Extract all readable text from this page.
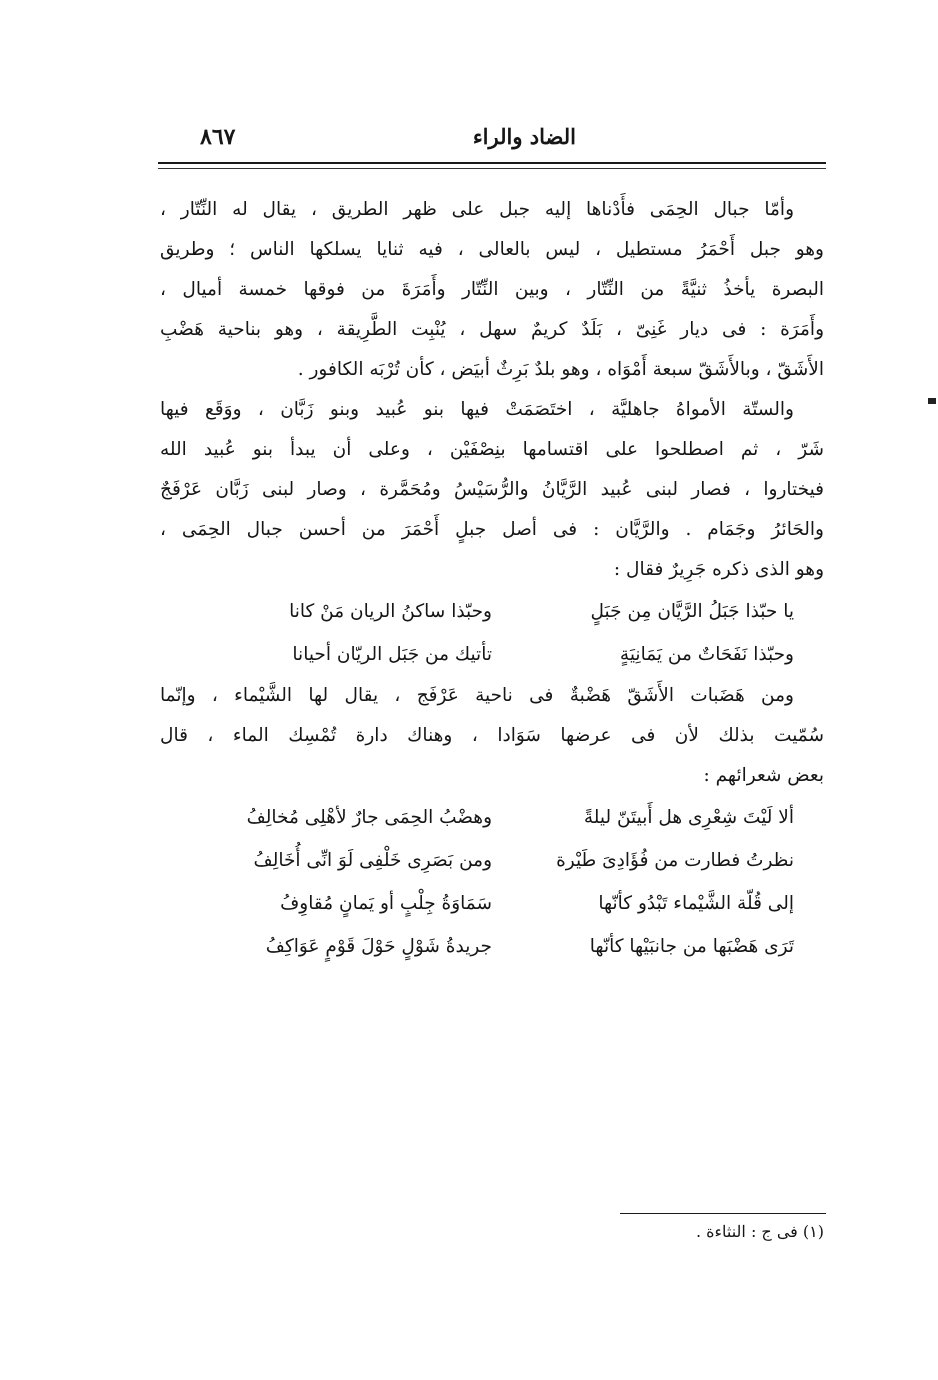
الضاد والراء
٨٦٧
وأمّا جبال الحِمَى فأَدْناها إليه جبل على ظهر الطريق ، يقال له النِّتّار ،
وهو جبل أَحْمَرُ مستطيل ، ليس بالعالى ، فيه ثنايا يسلكها الناس ؛ وطريق
البصرة يأخذُ ثنيَّةً من النِّتّار ، وبين النِّتّار وأَمَرَةَ من فوقها خمسة أميال ،
وأَمَرَة : فى ديار غَنِىّ ، بَلَدٌ كريمٌ سهل ، يُنْبِت الطَّرِيقة ، وهو بناحية هَضْبِ
الأَشَقّ ، وبالأَشَقّ سبعة أَمْوَاه ، وهو بلدٌ بَرِثٌ أبيَض ، كأن تُرْبَه الكافور .
والستّة الأمواهُ جاهليَّة ، اختَصَمَتْ فيها بنو عُبيد وبنو زَبَّان ، ووَقَع فيها
شَرّ ، ثم اصطلحوا على اقتسامها بنِصْفَيْن ، وعلى أن يبدأ بنو عُبيد الله
فيختاروا ، فصار لبنى عُبيد الرَّيَّانُ والرُّسَيْسُ ومُحَمَّرة ، وصار لبنى زَبَّان عَرْفَجٌ
والحَائرُ وجَمَام . والرَّيَّان : فى أصل جبلٍ أَحْمَرَ من أحسن جبال الحِمَى ،
وهو الذى ذكره جَرِيرٌ فقال :
يا حبّذا جَبَلُ الرَّيَّان مِن جَبَلٍ
وحبّذا ساكنُ الريان مَنْ كانا
وحبّذا نَفَحَاتٌ من يَمَانِيَةٍ
تأتيك من جَبَل الريّان أحيانا
ومن هَضَبات الأَشَقّ هَضْبةٌ فى ناحية عَرْفَج ، يقال لها الشَّيْماء ، وإنّما
سُمّيت بذلك لأن فى عرضها سَوَادا ، وهناك دارة تُمْسِك الماء ، قال
بعض شعرائهم :
ألا لَيْتَ شِعْرِى هل أَبيتَنّ ليلةً
وهضْبُ الحِمَى جارٌ لأهْلِى مُخالِفُ
نظرتُ فطارت من فُؤَادِىَ طَيْرة
ومن بَصَرِى خَلْفِى لَوَ انِّى أُخَالِفُ
إلى قُلّة الشَّيْماء تَبْدُو كأنّها
سَمَاوَةُ جِلْبٍ أو يَمانٍ مُقاوِفُ
تَرَى هَضْبَها من جانبَيْها كأنّها
جريدةُ شَوْلٍ حَوْلَ قَوْمٍ عَوَاكِفُ
(١) فى ج : النثاءة .
